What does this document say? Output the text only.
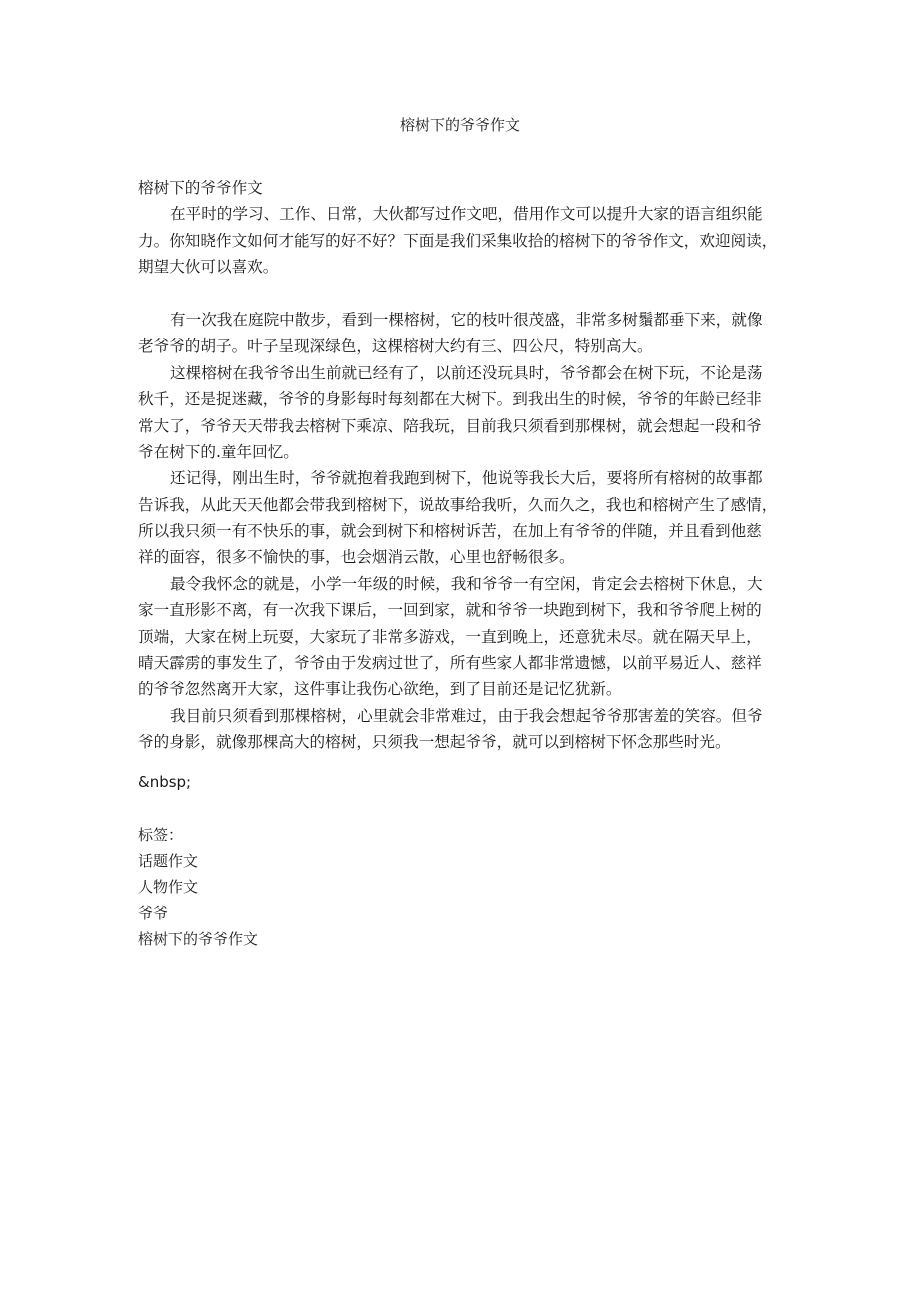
榕树下的爷爷作文
榕树下的爷爷作文
在平时的学习、工作、日常，大伙都写过作文吧，借用作文可以提升大家的语言组织能
力。你知晓作文如何才能写的好不好？下面是我们采集收拾的榕树下的爷爷作文，欢迎阅读，
期望大伙可以喜欢。
有一次我在庭院中散步，看到一棵榕树，它的枝叶很茂盛，非常多树鬚都垂下来，就像
老爷爷的胡子。叶子呈现深绿色，这棵榕树大约有三、四公尺，特别高大。
这棵榕树在我爷爷出生前就已经有了，以前还没玩具时，爷爷都会在树下玩，不论是荡
秋千，还是捉迷藏，爷爷的身影每时每刻都在大树下。到我出生的时候，爷爷的年龄已经非
常大了，爷爷天天带我去榕树下乘凉、陪我玩，目前我只须看到那棵树，就会想起一段和爷
爷在树下的.童年回忆。
还记得，刚出生时，爷爷就抱着我跑到树下，他说等我长大后，要将所有榕树的故事都
告诉我，从此天天他都会带我到榕树下，说故事给我听，久而久之，我也和榕树产生了感情，
所以我只须一有不快乐的事，就会到树下和榕树诉苦，在加上有爷爷的伴随，并且看到他慈
祥的面容，很多不愉快的事，也会烟消云散，心里也舒畅很多。
最令我怀念的就是，小学一年级的时候，我和爷爷一有空闲，肯定会去榕树下休息，大
家一直形影不离，有一次我下课后，一回到家，就和爷爷一块跑到树下，我和爷爷爬上树的
顶端，大家在树上玩耍，大家玩了非常多游戏，一直到晚上，还意犹未尽。就在隔天早上，
晴天霹雳的事发生了，爷爷由于发病过世了，所有些家人都非常遗憾，以前平易近人、慈祥
的爷爷忽然离开大家，这件事让我伤心欲绝，到了目前还是记忆犹新。
我目前只须看到那棵榕树，心里就会非常难过，由于我会想起爷爷那害羞的笑容。但爷
爷的身影，就像那棵高大的榕树，只须我一想起爷爷，就可以到榕树下怀念那些时光。
&nbsp;
标签：
话题作文
人物作文
爷爷
榕树下的爷爷作文
